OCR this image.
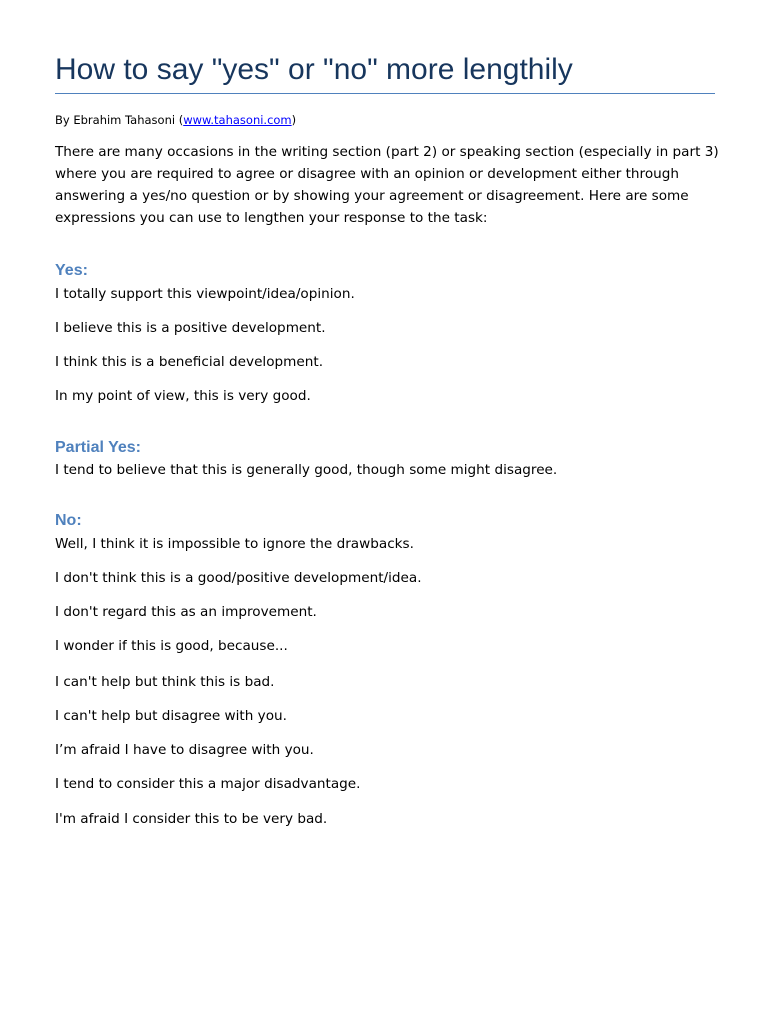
How to say "yes" or "no" more lengthily
By Ebrahim Tahasoni (www.tahasoni.com)

There are many occasions in the writing section (part 2) or speaking section (especially in part 3) where you are required to agree or disagree with an opinion or development either through answering a yes/no question or by showing your agreement or disagreement. Here are some expressions you can use to lengthen your response to the task:

Yes:

I totally support this viewpoint/idea/opinion.

I believe this is a positive development.

I think this is a beneficial development.

In my point of view, this is very good.

Partial Yes:

I tend to believe that this is generally good, though some might disagree.

No:

Well, I think it is impossible to ignore the drawbacks.

I don't think this is a good/positive development/idea.

I don't regard this as an improvement.

I wonder if this is good, because...

I can't help but think this is bad.

I can't help but disagree with you.

I’m afraid I have to disagree with you.

I tend to consider this a major disadvantage.

I'm afraid I consider this to be very bad.
